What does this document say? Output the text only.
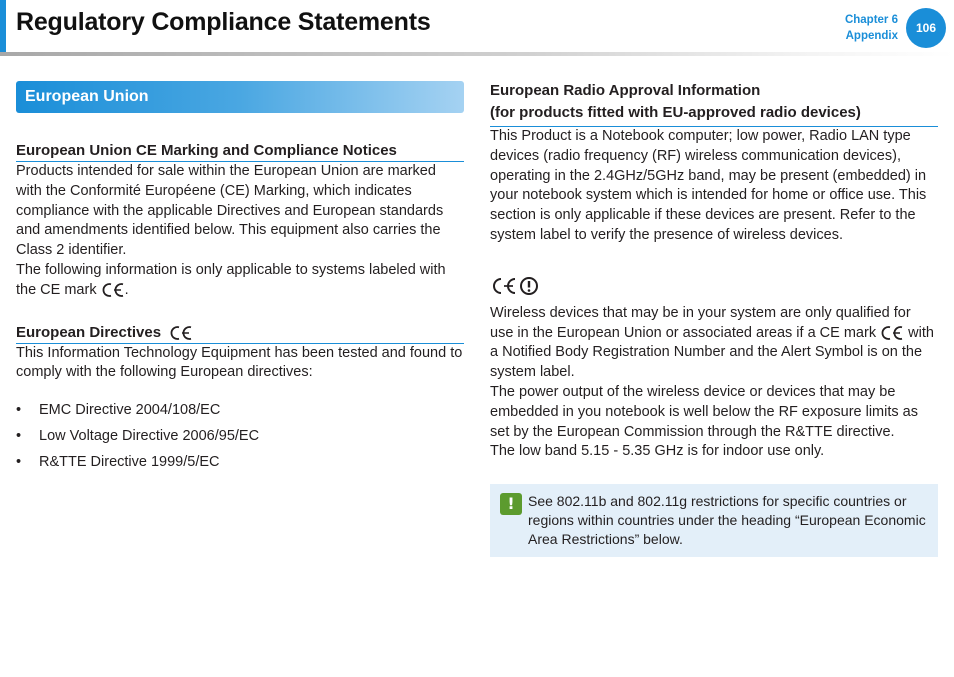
Regulatory Compliance Statements	Chapter 6
Appendix
106
European Union
European Union CE Marking and Compliance Notices

Products intended for sale within the European Union are marked with the Conformité Européene (CE) Marking, which indicates compliance with the applicable Directives and European standards and amendments identified below. This equipment also carries the Class 2 identifier.

The following information is only applicable to systems labeled with the CE mark .

European Directives

This Information Technology Equipment has been tested and found to comply with the following European directives:

• EMC Directive 2004/108/EC
• Low Voltage Directive 2006/95/EC
• R&TTE Directive 1999/5/EC
European Radio Approval Information
(for products fitted with EU-approved radio devices)

This Product is a Notebook computer; low power, Radio LAN type devices (radio frequency (RF) wireless communication devices), operating in the 2.4GHz/5GHz band, may be present (embedded) in your notebook system which is intended for home or office use. This section is only applicable if these devices are present. Refer to the system label to verify the presence of wireless devices.

Wireless devices that may be in your system are only qualified for use in the European Union or associated areas if a CE mark with a Notified Body Registration Number and the Alert Symbol is on the system label.

The power output of the wireless device or devices that may be embedded in you notebook is well below the RF exposure limits as set by the European Commission through the R&TTE directive.

The low band 5.15 - 5.35 GHz is for indoor use only.

! See 802.11b and 802.11g restrictions for specific countries or regions within countries under the heading “European Economic Area Restrictions” below.
